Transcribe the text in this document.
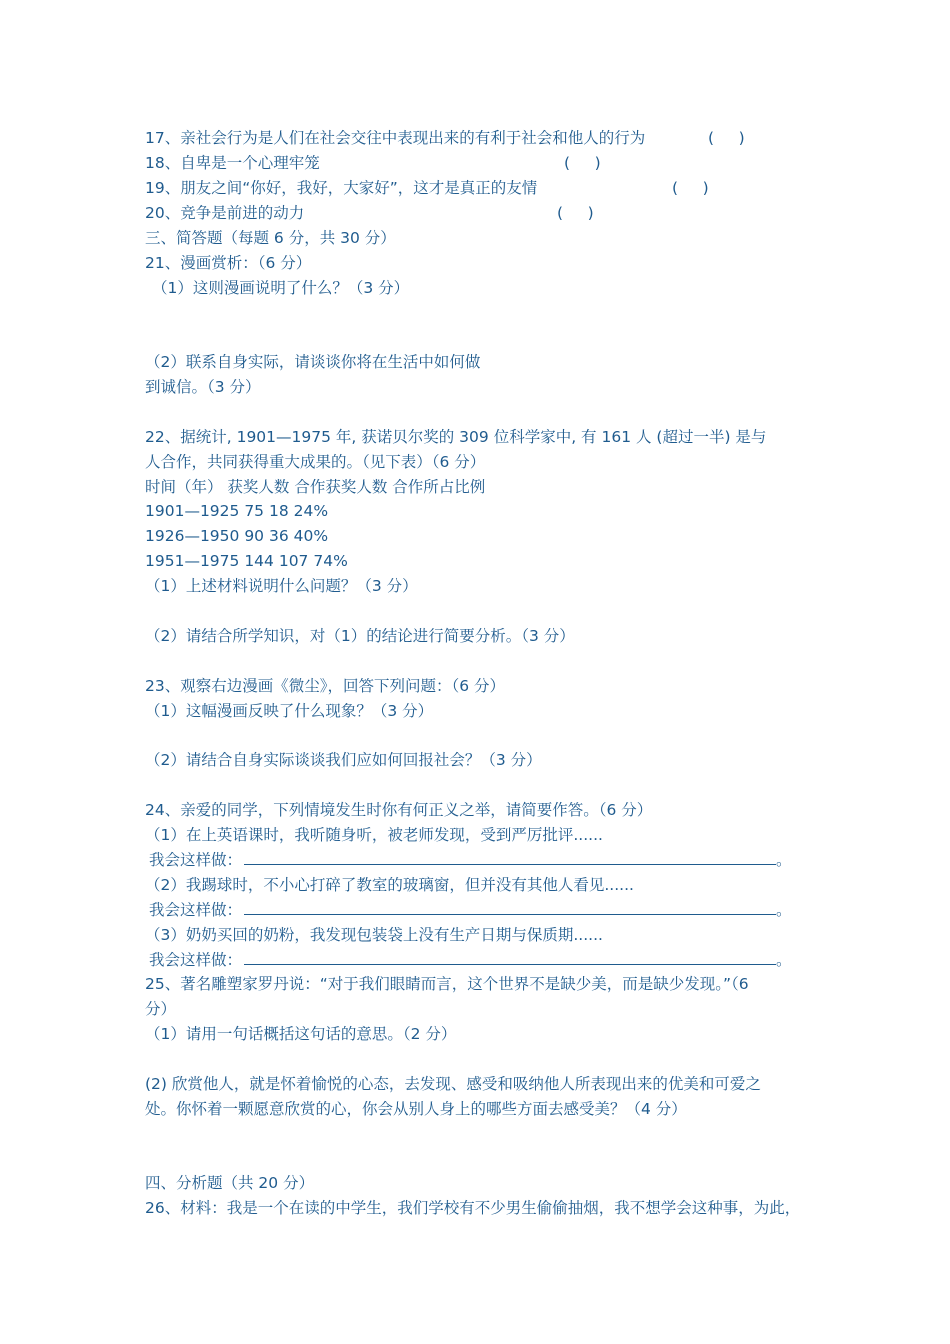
17、亲社会行为是人们在社会交往中表现出来的有利于社会和他人的行为	(     )
18、自卑是一个心理牢笼	(     )
19、朋友之间“你好，我好，大家好”，这才是真正的友情	(     )
20、竞争是前进的动力	(     )
三、简答题（每题 6 分，共 30 分）
21、漫画赏析：（6 分）
（1）这则漫画说明了什么？（3 分）
（2）联系自身实际，请谈谈你将在生活中如何做
到诚信。（3 分）
22、据统计, 1901—1975 年, 获诺贝尔奖的 309 位科学家中, 有 161 人 (超过一半) 是与
人合作，共同获得重大成果的。（见下表）（6 分）
时间（年） 获奖人数 合作获奖人数 合作所占比例
1901—1925 75 18 24%
1926—1950 90 36 40%
1951—1975 144 107 74%
（1）上述材料说明什么问题？（3 分）
（2）请结合所学知识，对（1）的结论进行简要分析。（3 分）
23、观察右边漫画《微尘》，回答下列问题：（6 分）
（1）这幅漫画反映了什么现象？（3 分）
（2）请结合自身实际谈谈我们应如何回报社会？（3 分）
24、亲爱的同学，下列情境发生时你有何正义之举，请简要作答。（6 分）
（1）在上英语课时，我听随身听，被老师发现，受到严厉批评......
我会这样做：	。
（2）我踢球时，不小心打碎了教室的玻璃窗，但并没有其他人看见......
我会这样做：	。
（3）奶奶买回的奶粉，我发现包装袋上没有生产日期与保质期......
我会这样做：	。
25、著名雕塑家罗丹说：“对于我们眼睛而言，这个世界不是缺少美，而是缺少发现。”（6
分）
（1）请用一句话概括这句话的意思。（2 分）
(2) 欣赏他人，就是怀着愉悦的心态，去发现、感受和吸纳他人所表现出来的优美和可爱之
处。你怀着一颗愿意欣赏的心，你会从别人身上的哪些方面去感受美？（4 分）
四、分析题（共 20 分）
26、材料：我是一个在读的中学生，我们学校有不少男生偷偷抽烟，我不想学会这种事，为此，
